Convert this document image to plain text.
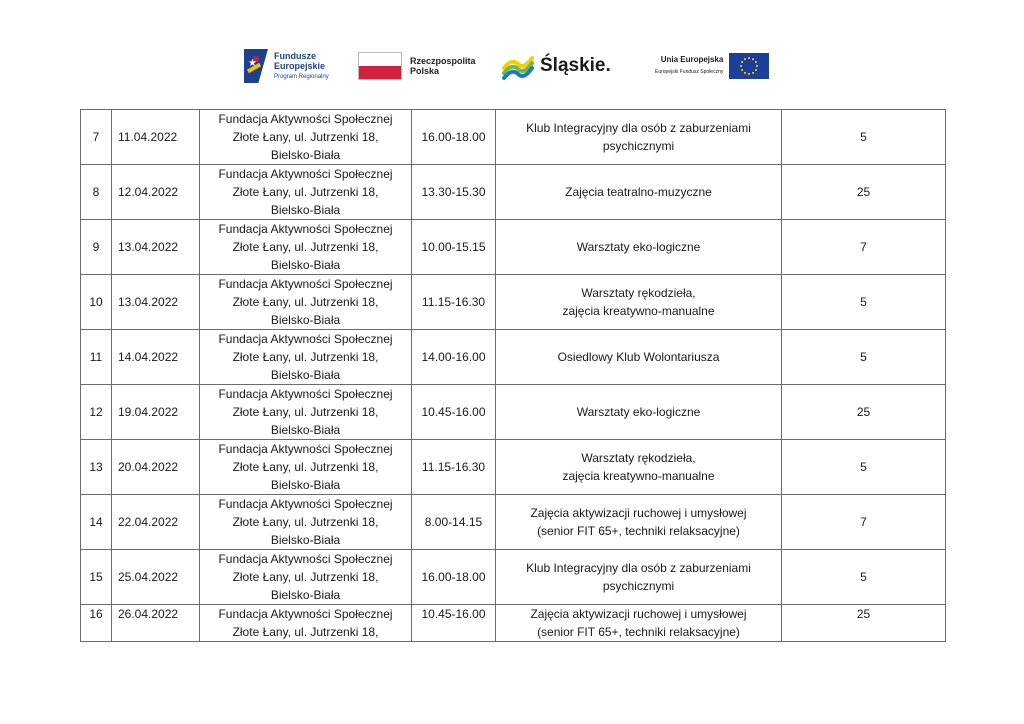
★
Fundusze
Europejskie
Program Regionalny
Rzeczpospolita
Polska	Śląskie.	Unia Europejska
Europejski Fundusz Społeczny
7	11.04.2022	Fundacja Aktywności Społecznej
Złote Łany, ul. Jutrzenki 18,
Bielsko-Biała	16.00-18.00	Klub Integracyjny dla osób z zaburzeniami
psychicznymi	5
8	12.04.2022	Fundacja Aktywności Społecznej
Złote Łany, ul. Jutrzenki 18,
Bielsko-Biała	13.30-15.30	Zajęcia teatralno-muzyczne	25
9	13.04.2022	Fundacja Aktywności Społecznej
Złote Łany, ul. Jutrzenki 18,
Bielsko-Biała	10.00-15.15	Warsztaty eko-logiczne	7
10	13.04.2022	Fundacja Aktywności Społecznej
Złote Łany, ul. Jutrzenki 18,
Bielsko-Biała	11.15-16.30	Warsztaty rękodzieła,
zajęcia kreatywno-manualne	5
11	14.04.2022	Fundacja Aktywności Społecznej
Złote Łany, ul. Jutrzenki 18,
Bielsko-Biała	14.00-16.00	Osiedlowy Klub Wolontariusza	5
12	19.04.2022	Fundacja Aktywności Społecznej
Złote Łany, ul. Jutrzenki 18,
Bielsko-Biała	10.45-16.00	Warsztaty eko-logiczne	25
13	20.04.2022	Fundacja Aktywności Społecznej
Złote Łany, ul. Jutrzenki 18,
Bielsko-Biała	11.15-16.30	Warsztaty rękodzieła,
zajęcia kreatywno-manualne	5
14	22.04.2022	Fundacja Aktywności Społecznej
Złote Łany, ul. Jutrzenki 18,
Bielsko-Biała	8.00-14.15	Zajęcia aktywizacji ruchowej i umysłowej
(senior FIT 65+, techniki relaksacyjne)	7
15	25.04.2022	Fundacja Aktywności Społecznej
Złote Łany, ul. Jutrzenki 18,
Bielsko-Biała	16.00-18.00	Klub Integracyjny dla osób z zaburzeniami
psychicznymi	5
16	26.04.2022	Fundacja Aktywności Społecznej
Złote Łany, ul. Jutrzenki 18,	10.45-16.00	Zajęcia aktywizacji ruchowej i umysłowej
(senior FIT 65+, techniki relaksacyjne)	25
